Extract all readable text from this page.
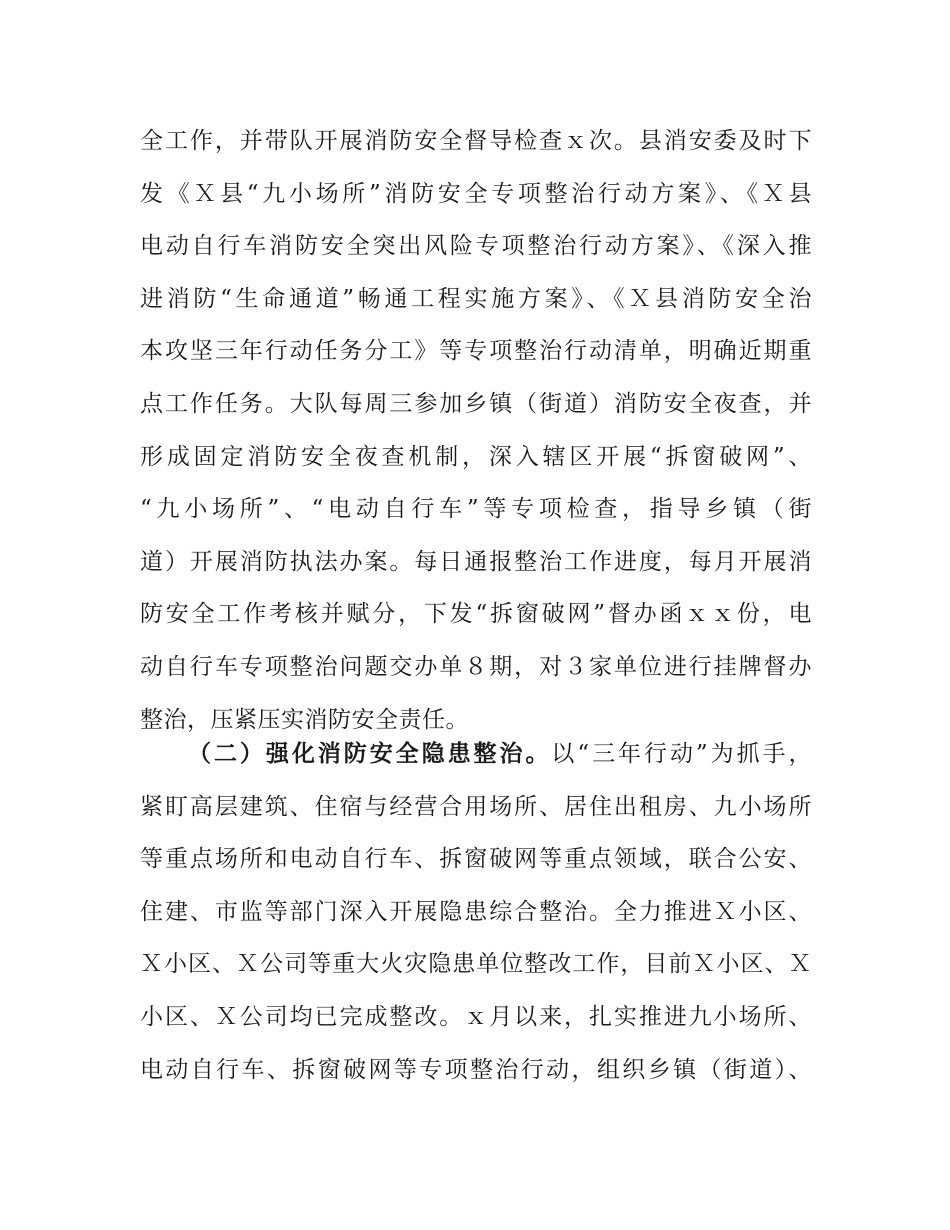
全工作，并带队开展消防安全督导检查ｘ次。县消安委及时下
发《Ｘ县“九小场所”消防安全专项整治行动方案》、《Ｘ县
电动自行车消防安全突出风险专项整治行动方案》、《深入推
进消防“生命通道”畅通工程实施方案》、《Ｘ县消防安全治
本攻坚三年行动任务分工》等专项整治行动清单，明确近期重
点工作任务。大队每周三参加乡镇（街道）消防安全夜查，并
形成固定消防安全夜查机制，深入辖区开展“拆窗破网”、
“九小场所”、“电动自行车”等专项检查，指导乡镇（街
道）开展消防执法办案。每日通报整治工作进度，每月开展消
防安全工作考核并赋分，下发“拆窗破网”督办函ｘｘ份，电
动自行车专项整治问题交办单８期，对３家单位进行挂牌督办
整治，压紧压实消防安全责任。
（二）强化消防安全隐患整治。以“三年行动”为抓手，
紧盯高层建筑、住宿与经营合用场所、居住出租房、九小场所
等重点场所和电动自行车、拆窗破网等重点领域，联合公安、
住建、市监等部门深入开展隐患综合整治。全力推进Ｘ小区、
Ｘ小区、Ｘ公司等重大火灾隐患单位整改工作，目前Ｘ小区、Ｘ
小区、Ｘ公司均已完成整改。ｘ月以来，扎实推进九小场所、
电动自行车、拆窗破网等专项整治行动，组织乡镇（街道）、
